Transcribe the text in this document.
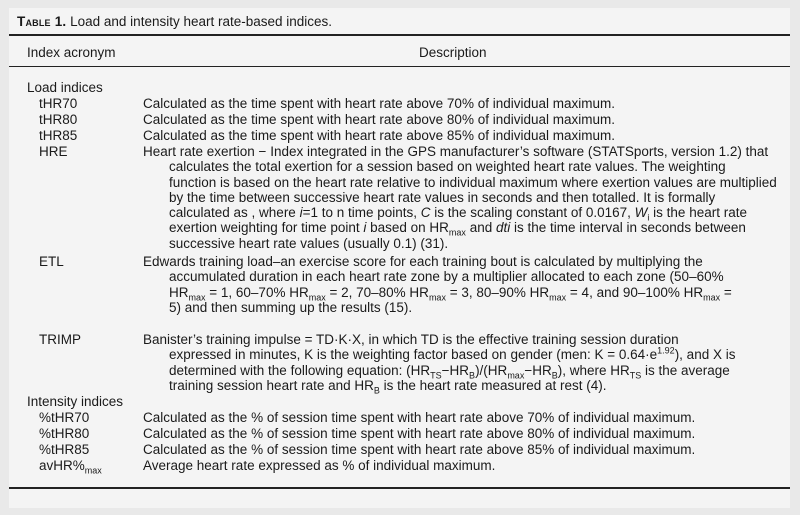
Table 1. Load and intensity heart rate-based indices.
Index acronym	Description
Load indices
tHR70	Calculated as the time spent with heart rate above 70% of individual maximum.
tHR80	Calculated as the time spent with heart rate above 80% of individual maximum.
tHR85	Calculated as the time spent with heart rate above 85% of individual maximum.
HRE	Heart rate exertion − Index integrated in the GPS manufacturer’s software (STATSports, version 1.2) that
calculates the total exertion for a session based on weighted heart rate values. The weighting
function is based on the heart rate relative to individual maximum where exertion values are multiplied
by the time between successive heart rate values in seconds and then totalled. It is formally
calculated as , where i=1 to n time points, C is the scaling constant of 0.0167, $W_i$ is the heart rate
exertion weighting for time point i based on $HR_{max}$ and dti is the time interval in seconds between
successive heart rate values (usually 0.1) (31).
ETL	Edwards training load–an exercise score for each training bout is calculated by multiplying the
accumulated duration in each heart rate zone by a multiplier allocated to each zone (50–60%
$HR_{max} = 1$, 60–70% $HR_{max} = 2$, 70–80% $HR_{max} = 3$, 80–90% $HR_{max} = 4$, and 90–100% $HR_{max}$ =
5) and then summing up the results (15).
TRIMP	Banister’s training impulse = TD·K·X, in which TD is the effective training session duration
expressed in minutes, K is the weighting factor based on gender (men: $K = 0.64\cdot e^{1.92}$), and X is
determined with the following equation: $(HR_{TS}-HR_B)/(HR_{max}-HR_B)$, where $HR_{TS}$ is the average
training session heart rate and $HR_B$ is the heart rate measured at rest (4).
Intensity indices
%tHR70	Calculated as the % of session time spent with heart rate above 70% of individual maximum.
%tHR80	Calculated as the % of session time spent with heart rate above 80% of individual maximum.
%tHR85	Calculated as the % of session time spent with heart rate above 85% of individual maximum.
$avHR\%_{max}$	Average heart rate expressed as % of individual maximum.
